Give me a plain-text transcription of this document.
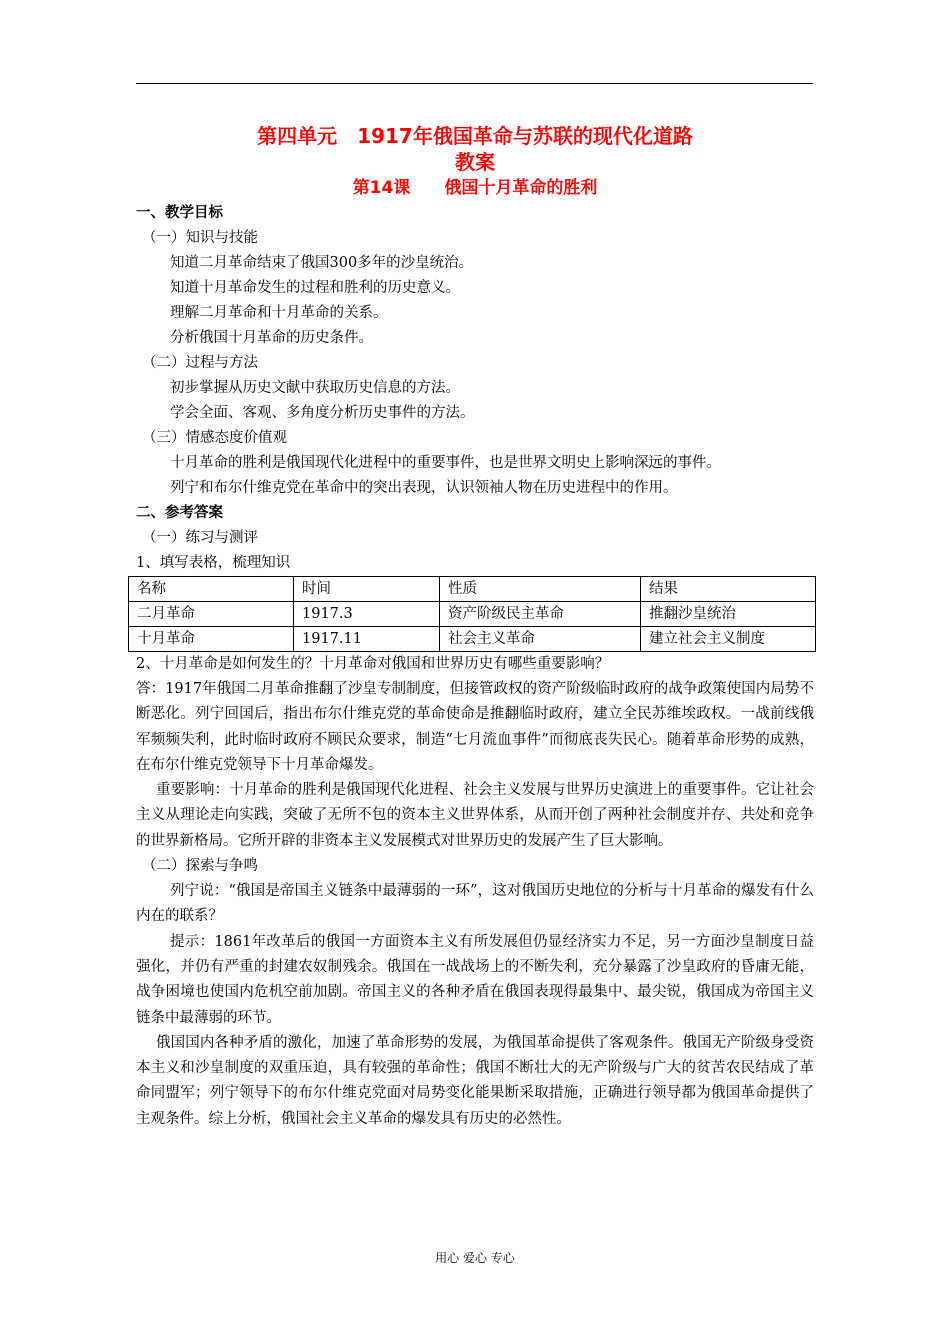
第四单元　1917年俄国革命与苏联的现代化道路

教案

第14课　　俄国十月革命的胜利

一、教学目标

（一）知识与技能

知道二月革命结束了俄国300多年的沙皇统治。

知道十月革命发生的过程和胜利的历史意义。

理解二月革命和十月革命的关系。

分析俄国十月革命的历史条件。

（二）过程与方法

初步掌握从历史文献中获取历史信息的方法。

学会全面、客观、多角度分析历史事件的方法。

（三）情感态度价值观

十月革命的胜利是俄国现代化进程中的重要事件，也是世界文明史上影响深远的事件。

列宁和布尔什维克党在革命中的突出表现，认识领袖人物在历史进程中的作用。

二、参考答案

（一）练习与测评

1、填写表格，梳理知识

名称	时间	性质	结果
二月革命	1917.3	资产阶级民主革命	推翻沙皇统治
十月革命	1917.11	社会主义革命	建立社会主义制度

2、十月革命是如何发生的？十月革命对俄国和世界历史有哪些重要影响？

答：1917年俄国二月革命推翻了沙皇专制制度，但接管政权的资产阶级临时政府的战争政策使国内局势不断恶化。列宁回国后，指出布尔什维克党的革命使命是推翻临时政府，建立全民苏维埃政权。一战前线俄军频频失利，此时临时政府不顾民众要求，制造“七月流血事件”而彻底丧失民心。随着革命形势的成熟，在布尔什维克党领导下十月革命爆发。

重要影响：十月革命的胜利是俄国现代化进程、社会主义发展与世界历史演进上的重要事件。它让社会主义从理论走向实践，突破了无所不包的资本主义世界体系，从而开创了两种社会制度并存、共处和竞争的世界新格局。它所开辟的非资本主义发展模式对世界历史的发展产生了巨大影响。

（二）探索与争鸣

列宁说：“俄国是帝国主义链条中最薄弱的一环”，这对俄国历史地位的分析与十月革命的爆发有什么内在的联系？

提示：1861年改革后的俄国一方面资本主义有所发展但仍显经济实力不足，另一方面沙皇制度日益强化，并仍有严重的封建农奴制残余。俄国在一战战场上的不断失利，充分暴露了沙皇政府的昏庸无能，战争困境也使国内危机空前加剧。帝国主义的各种矛盾在俄国表现得最集中、最尖锐，俄国成为帝国主义链条中最薄弱的环节。

俄国国内各种矛盾的激化，加速了革命形势的发展，为俄国革命提供了客观条件。俄国无产阶级身受资本主义和沙皇制度的双重压迫，具有较强的革命性；俄国不断壮大的无产阶级与广大的贫苦农民结成了革命同盟军；列宁领导下的布尔什维克党面对局势变化能果断采取措施，正确进行领导都为俄国革命提供了主观条件。综上分析，俄国社会主义革命的爆发具有历史的必然性。

用心 爱心 专心
